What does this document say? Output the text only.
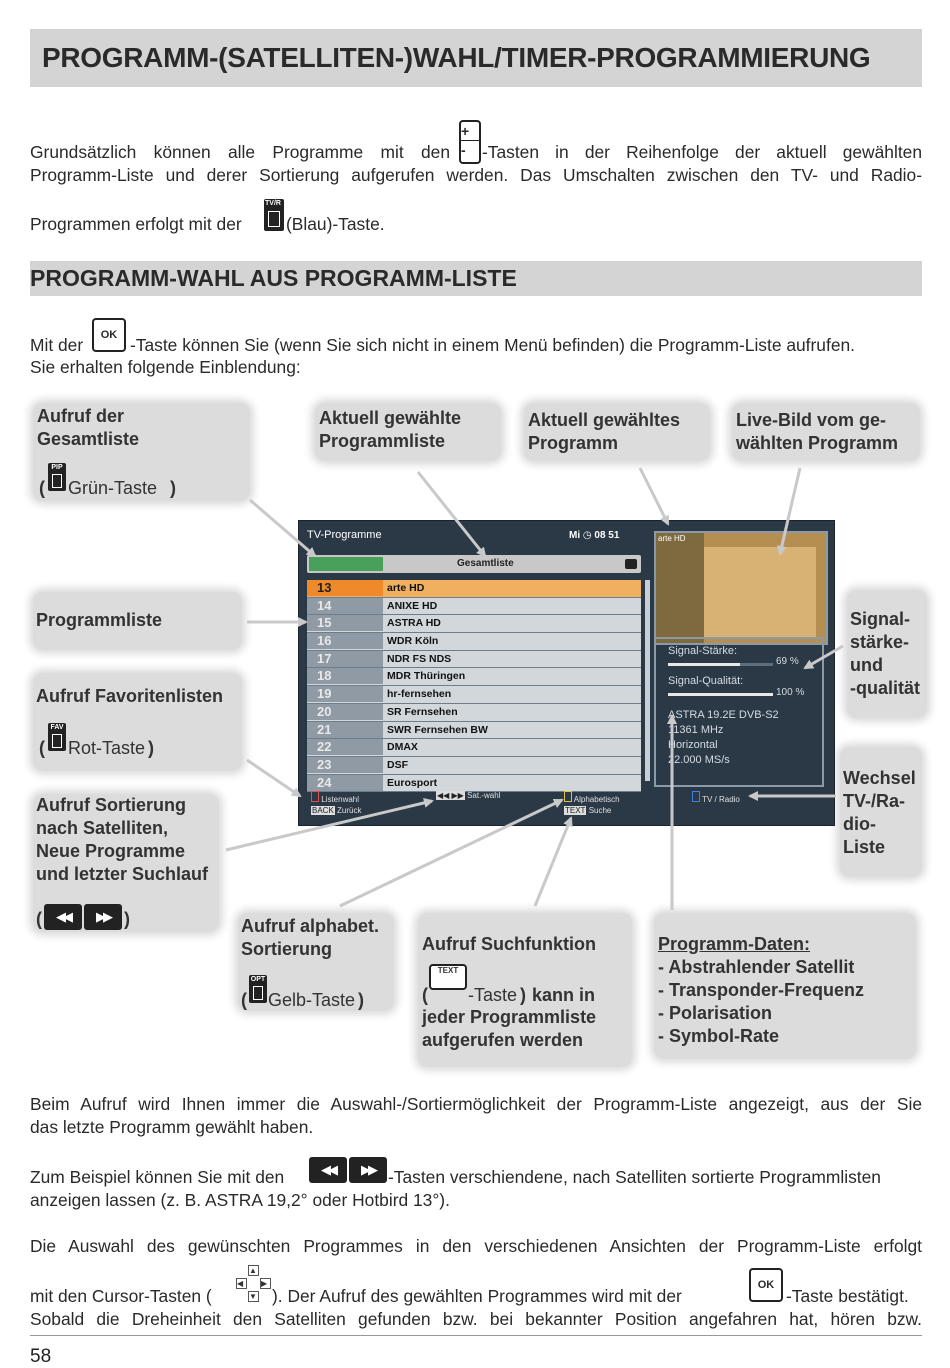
PROGRAMM-(SATELLITEN-)WAHL/TIMER-PROGRAMMIERUNG
Grundsätzlich können alle Programme mit den
+
- -Tasten in der Reihenfolge der aktuell gewählten
Programm-Liste und derer Sortierung aufgerufen werden. Das Umschalten zwischen den TV- und Radio-
Programmen erfolgt mit der
TV/R
(Blau)-Taste.
PROGRAMM-WAHL AUS PROGRAMM-LISTE
Mit der	OK -Taste können Sie (wenn Sie sich nicht in einem Menü befinden) die Programm-Liste aufrufen.
Sie erhalten folgende Einblendung:
Aufruf der
Gesamtliste
(
PIP
Grün-Taste )
Aktuell gewählte
Programmliste
Aktuell gewähltes
Programm
Live-Bild vom ge-
wählten Programm
Programmliste	Signal-
stärke-
und
-qualität
Aufruf Favoritenlisten
(
FAV
Rot-Taste )
Wechsel
TV-/Ra-
dio-
Liste
Aufruf Sortierung
nach Satelliten,
Neue Programme
und letzter Suchlauf
(	◀◀	▶▶ )	Aufruf alphabet.
Sortierung
(
OPT
Gelb-Taste )
Aufruf Suchfunktion
(
TEXT
-Taste ) kann in
jeder Programmliste
aufgerufen werden
Programm-Daten:
- Abstrahlender Satellit
- Transponder-Frequenz
- Polarisation
- Symbol-Rate
TV-Programme	Mi ◷ 08 51
Gesamtliste
13	arte HD
14	ANIXE HD
15	ASTRA HD
16	WDR Köln
17	NDR FS NDS
18	MDR Thüringen
19	hr-fernsehen
20	SR Fernsehen
21	SWR Fernsehen BW
22	DMAX
23	DSF
24	Eurosport
arte HD
Signal-Stärke:
69 %
Signal-Qualität:
100 %
ASTRA 19.2E DVB-S2
11361 MHz
Horizontal
22.000 MS/s
Listenwahl
BACK Zurück
◀◀ ▶▶ Sat.-wahl	Alphabetisch
TEXT Suche
TV / Radio
Beim Aufruf wird Ihnen immer die Auswahl-/Sortiermöglichkeit der Programm-Liste angezeigt, aus der Sie
das letzte Programm gewählt haben.
Zum Beispiel können Sie mit den	◀◀	▶▶ -Tasten verschiendene, nach Satelliten sortierte Programmlisten
anzeigen lassen (z. B. ASTRA 19,2° oder Hotbird 13°).
Die Auswahl des gewünschten Programmes in den verschiedenen Ansichten der Programm-Liste erfolgt
mit den Cursor-Tasten (
▲
◀	▶
▼ ). Der Aufruf des gewählten Programmes wird mit der
OK
-Taste bestätigt.
Sobald die Dreheinheit den Satelliten gefunden bzw. bei bekannter Position angefahren hat, hören bzw.
58
